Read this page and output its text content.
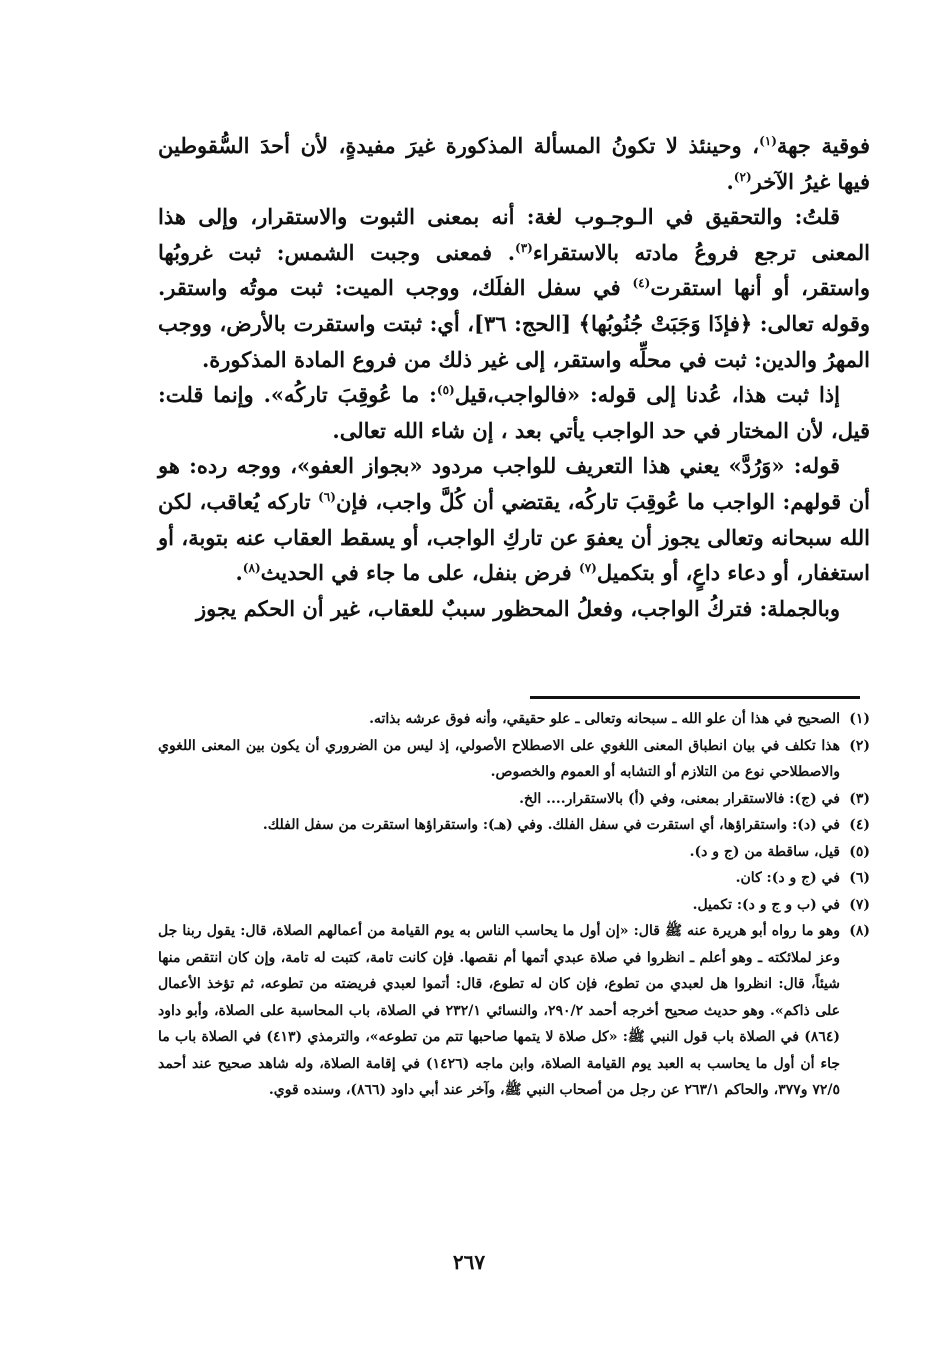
فوقية جهة$^{(١)}$، وحينئذ لا تكونُ المسألة المذكورة غيرَ مفيدةٍ، لأن أحدَ السُّقوطين فيها غيرُ الآخر$^{(٢)}$.

قلتُ: والتحقيق في الـوجـوب لغة: أنه بمعنى الثبوت والاستقرار، وإلى هذا المعنى ترجع فروعُ مادته بالاستقراء$^{(٣)}$. فمعنى وجبت الشمس: ثبت غروبُها واستقر، أو أنها استقرت$^{(٤)}$ في سفل الفلَك، ووجب الميت: ثبت موتُه واستقر. وقوله تعالى: ﴿فإذَا وَجَبَتْ جُنُوبُها﴾ [الحج: ٣٦]، أي: ثبتت واستقرت بالأرض، ووجب المهرُ والدين: ثبت في محلِّه واستقر، إلى غير ذلك من فروع المادة المذكورة.

إذا ثبت هذا، عُدنا إلى قوله: «فالواجب،قيل$^{(٥)}$: ما عُوقِبَ تاركُه». وإنما قلت: قيل، لأن المختار في حد الواجب يأتي بعد ، إن شاء الله تعالى.

قوله: «وَرُدَّ» يعني هذا التعريف للواجب مردود «بجواز العفو»، ووجه رده: هو أن قولهم: الواجب ما عُوقِبَ تاركُه، يقتضي أن كُلَّ واجب، فإن$^{(٦)}$ تاركه يُعاقب، لكن الله سبحانه وتعالى يجوز أن يعفوَ عن تاركِ الواجب، أو يسقط العقاب عنه بتوبة، أو استغفار، أو دعاء داعٍ، أو بتكميل$^{(٧)}$ فرض بنفل، على ما جاء في الحديث$^{(٨)}$.

وبالجملة: فتركُ الواجب، وفعلُ المحظور سببٌ للعقاب، غير أن الحكم يجوز

(١)الصحيح في هذا أن علو الله ـ سبحانه وتعالى ـ علو حقيقي، وأنه فوق عرشه بذاته.
(٢)هذا تكلف في بيان انطباق المعنى اللغوي على الاصطلاح الأصولي، إذ ليس من الضروري أن يكون بين المعنى اللغوي والاصطلاحي نوع من التلازم أو التشابه أو العموم والخصوص.
(٣)في (ج): فالاستقرار بمعنى، وفي (أ) بالاستقرار.... الخ.
(٤)في (د): واستقراؤها، أي استقرت في سفل الفلك. وفي (هـ): واستقراؤها استقرت من سفل الفلك.
(٥)قيل، ساقطة من (ج و د).
(٦)في (ج و د): كان.
(٧)في (ب و ج و د): تكميل.
(٨)وهو ما رواه أبو هريرة عنه ﷺ قال: «إن أول ما يحاسب الناس به يوم القيامة من أعمالهم الصلاة، قال: يقول ربنا جل وعز لملائكته ـ وهو أعلم ـ انظروا في صلاة عبدي أتمها أم نقصها. فإن كانت تامة، كتبت له تامة، وإن كان انتقص منها شيئاً، قال: انظروا هل لعبدي من تطوع، فإن كان له تطوع، قال: أتموا لعبدي فريضته من تطوعه، ثم تؤخذ الأعمال على ذاكم». وهو حديث صحيح أخرجه أحمد ٢٩٠/٢، والنسائي ٢٣٢/١ في الصلاة، باب المحاسبة على الصلاة، وأبو داود (٨٦٤) في الصلاة باب قول النبي ﷺ: «كل صلاة لا يتمها صاحبها تتم من تطوعه»، والترمذي (٤١٣) في الصلاة باب ما جاء أن أول ما يحاسب به العبد يوم القيامة الصلاة، وابن ماجه (١٤٢٦) في إقامة الصلاة، وله شاهد صحيح عند أحمد ٧٢/٥ و٣٧٧، والحاكم ٢٦٣/١ عن رجل من أصحاب النبي ﷺ، وآخر عند أبي داود (٨٦٦)، وسنده قوي.
٢٦٧
